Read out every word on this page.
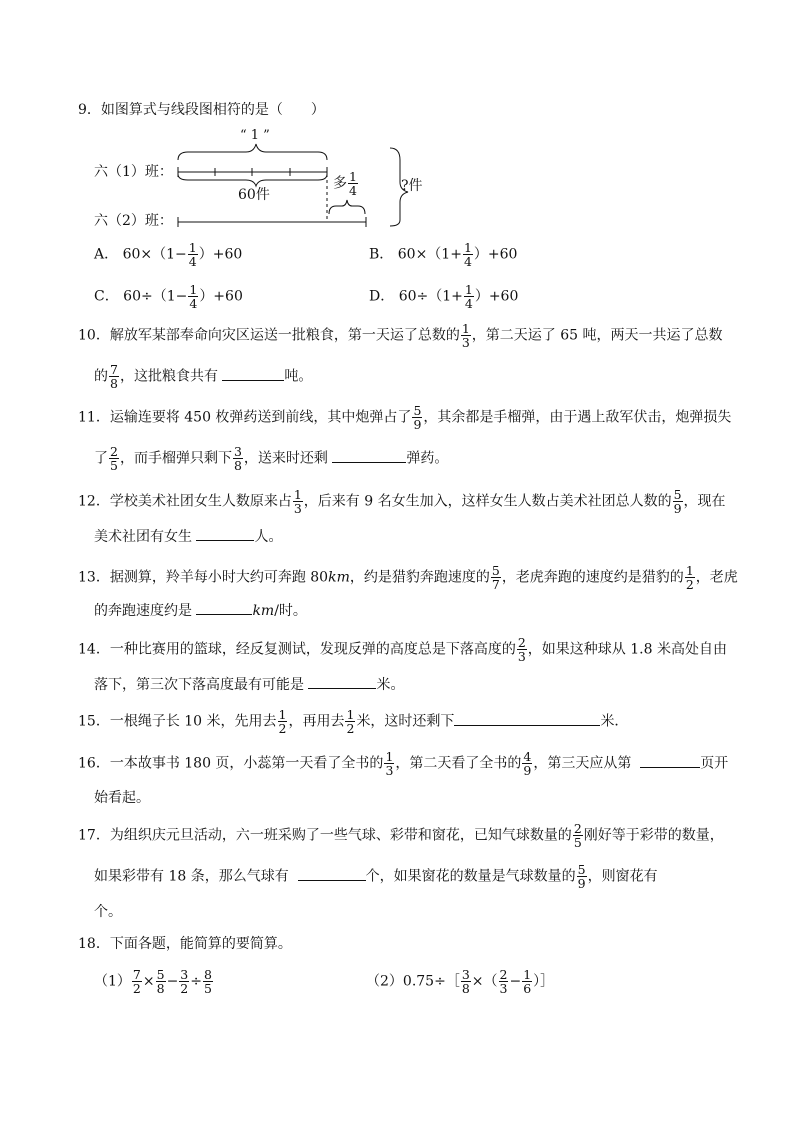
9．如图算式与线段图相符的是（　　）
“ 1 ”
六（1）班：
60件
多 $\frac{1}{4}$	?件
六（2）班：
A． $60\times(1- \frac{1}{4} )+60$	B． $60\times(1+ \frac{1}{4} )+60$
C． $60\div(1- \frac{1}{4} )+60$	D． $60\div(1+ \frac{1}{4} )+60$
10．解放军某部奉命向灾区运送一批粮食，第一天运了总数的 $\frac{1}{3}$ ，第二天运了 65 吨，两天一共运了总数
的 $\frac{7}{8}$ ，这批粮食共有	吨。
11．运输连要将 450 枚弹药送到前线，其中炮弹占了 $\frac{5}{9}$ ，其余都是手榴弹，由于遇上敌军伏击，炮弹损失
了 $\frac{2}{5}$ ，而手榴弹只剩下 $\frac{3}{8}$ ，送来时还剩	弹药。
12．学校美术社团女生人数原来占 $\frac{1}{3}$ ，后来有 9 名女生加入，这样女生人数占美术社团总人数的 $\frac{5}{9}$ ，现在
美术社团有女生	人。
13．据测算，羚羊每小时大约可奔跑 80km，约是猎豹奔跑速度的 $\frac{5}{7}$ ，老虎奔跑的速度约是猎豹的 $\frac{1}{2}$ ，老虎
的奔跑速度约是	km/时。
14．一种比赛用的篮球，经反复测试，发现反弹的高度总是下落高度的 $\frac{2}{3}$ ，如果这种球从 1.8 米高处自由
落下，第三次下落高度最有可能是	米。
15．一根绳子长 10 米，先用去 $\frac{1}{2}$ ，再用去 $\frac{1}{2}$ 米，这时还剩下	米．
16．一本故事书 180 页，小蕊第一天看了全书的 $\frac{1}{3}$ ，第二天看了全书的 $\frac{4}{9}$ ，第三天应从第	页开
始看起。
17．为组织庆元旦活动，六一班采购了一些气球、彩带和窗花，已知气球数量的 $\frac{2}{5}$ 刚好等于彩带的数量，
如果彩带有 18 条，那么气球有	个，如果窗花的数量是气球数量的 $\frac{5}{9}$ ，则窗花有
个。
18．下面各题，能简算的要简算。
$(1) \frac{7}{2} \times \frac{5}{8} - \frac{3}{2} \div \frac{8}{5}$	（2）0.75÷［ $\frac{3}{8}$ ×（ $\frac{2}{3} - \frac{1}{6}$ ）］
